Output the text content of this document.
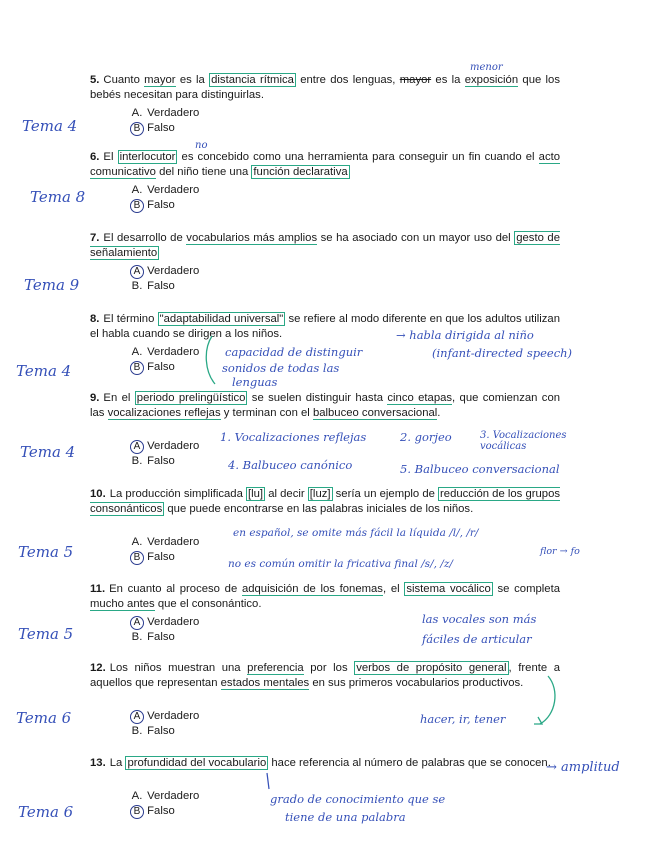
5. Cuanto mayor es la distancia rítmica entre dos lenguas, mayor es la exposición que los bebés necesitan para distinguirlas.
A. Verdadero
B Falso
menor
Tema 4
6. El interlocutor es concebido como una herramienta para conseguir un fin cuando el acto comunicativo del niño tiene una función declarativa
A. Verdadero
B Falso
no
Tema 8
7. El desarrollo de vocabularios más amplios se ha asociado con un mayor uso del gesto de señalamiento
A Verdadero
B. Falso
Tema 9
8. El término "adaptabilidad universal" se refiere al modo diferente en que los adultos utilizan el habla cuando se dirigen a los niños.
A. Verdadero
B Falso
→ habla dirigida al niño
(infant-directed speech)
capacidad de distinguir
sonidos de todas las
lenguas
Tema 4
9. En el periodo prelingüístico se suelen distinguir hasta cinco etapas, que comienzan con las vocalizaciones reflejas y terminan con el balbuceo conversacional.
A Verdadero
B. Falso
1. Vocalizaciones reflejas	2. gorjeo	3. Vocalizaciones vocálicas
4. Balbuceo canónico	5. Balbuceo conversacional
Tema 4
10. La producción simplificada [lu] al decir [luz] sería un ejemplo de reducción de los grupos consonánticos que puede encontrarse en las palabras iniciales de los niños.
A. Verdadero
B Falso
en español, se omite más fácil la líquida /l/, /r/
flor → fo
no es común omitir la fricativa final /s/, /z/
Tema 5
11. En cuanto al proceso de adquisición de los fonemas, el sistema vocálico se completa mucho antes que el consonántico.
A Verdadero
B. Falso
las vocales son más
fáciles de articular
Tema 5
12. Los niños muestran una preferencia por los verbos de propósito general , frente a aquellos que representan estados mentales en sus primeros vocabularios productivos.
A Verdadero
B. Falso
hacer, ir, tener
Tema 6
13. La profundidad del vocabulario hace referencia al número de palabras que se conocen.
A. Verdadero
B Falso
→ amplitud
grado de conocimiento que se
tiene de una palabra
Tema 6
